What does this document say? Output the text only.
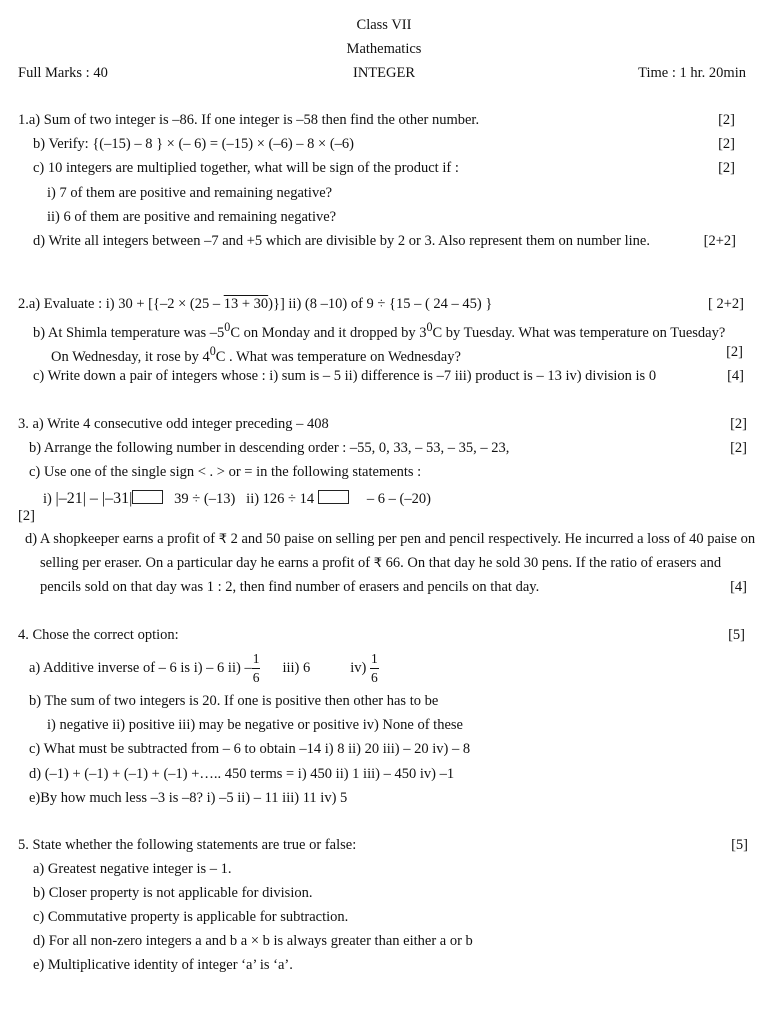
Class VII
Mathematics
Full Marks : 40	INTEGER	Time : 1 hr. 20min
1.a) Sum of two integer is –86. If one integer is –58 then find the other number.	[2]
b) Verify: {(–15) – 8 } × (– 6) = (–15) × (–6) – 8 × (–6)	[2]
c) 10 integers are multiplied together, what will be sign of the product if :	[2]
i) 7 of them are positive and remaining negative?
ii) 6 of them are positive and remaining negative?
d) Write all integers between –7 and +5 which are divisible by 2 or 3. Also represent them on number line.	[2+2]
2.a) Evaluate : i) 30 + [{–2 × (25 – 13 + 30)}] ii) (8 –10) of 9 ÷ {15 – ( 24 – 45) }	[ 2+2]
b) At Shimla temperature was $-5^0C$ on Monday and it dropped by $3^0C$ by Tuesday. What was temperature on Tuesday?
On Wednesday, it rose by $4^0C$ . What was temperature on Wednesday?	[2]
c) Write down a pair of integers whose : i) sum is – 5 ii) difference is –7 iii) product is – 13 iv) division is 0	[4]
3. a) Write 4 consecutive odd integer preceding – 408	[2]
b) Arrange the following number in descending order : ‒55, 0, 33, – 53, – 35, – 23,	[2]
c) Use one of the single sign < . > or = in the following statements :
i) |–21| – |–31|	39 ÷ (–13) ii) 126 ÷ 14	– 6 – (–20)
[2]
d) A shopkeeper earns a profit of ₹ 2 and 50 paise on selling per pen and pencil respectively. He incurred a loss of 40 paise on
selling per eraser. On a particular day he earns a profit of ₹ 66. On that day he sold 30 pens. If the ratio of erasers and
pencils sold on that day was 1 : 2, then find number of erasers and pencils on that day.	[4]
4. Chose the correct option:	[5]
a) Additive inverse of – 6 is i) – 6 ii)
– $\frac{1}{6} iii$) 6	iv)
$\frac{1}{6}$
b) The sum of two integers is 20. If one is positive then other has to be
i) negative ii) positive iii) may be negative or positive iv) None of these
c) What must be subtracted from – 6 to obtain –14 i) 8 ii) 20 iii) – 20 iv) – 8
d) (–1) + (–1) + (–1) + (–1) +….. 450 terms = i) 450 ii) 1 iii) – 450 iv) –1
e)By how much less –3 is –8? i) –5 ii) – 11 iii) 11 iv) 5
5. State whether the following statements are true or false:	[5]
a) Greatest negative integer is – 1.
b) Closer property is not applicable for division.
c) Commutative property is applicable for subtraction.
d) For all non-zero integers a and b a × b is always greater than either a or b
e) Multiplicative identity of integer ‘a’ is ‘a’.
